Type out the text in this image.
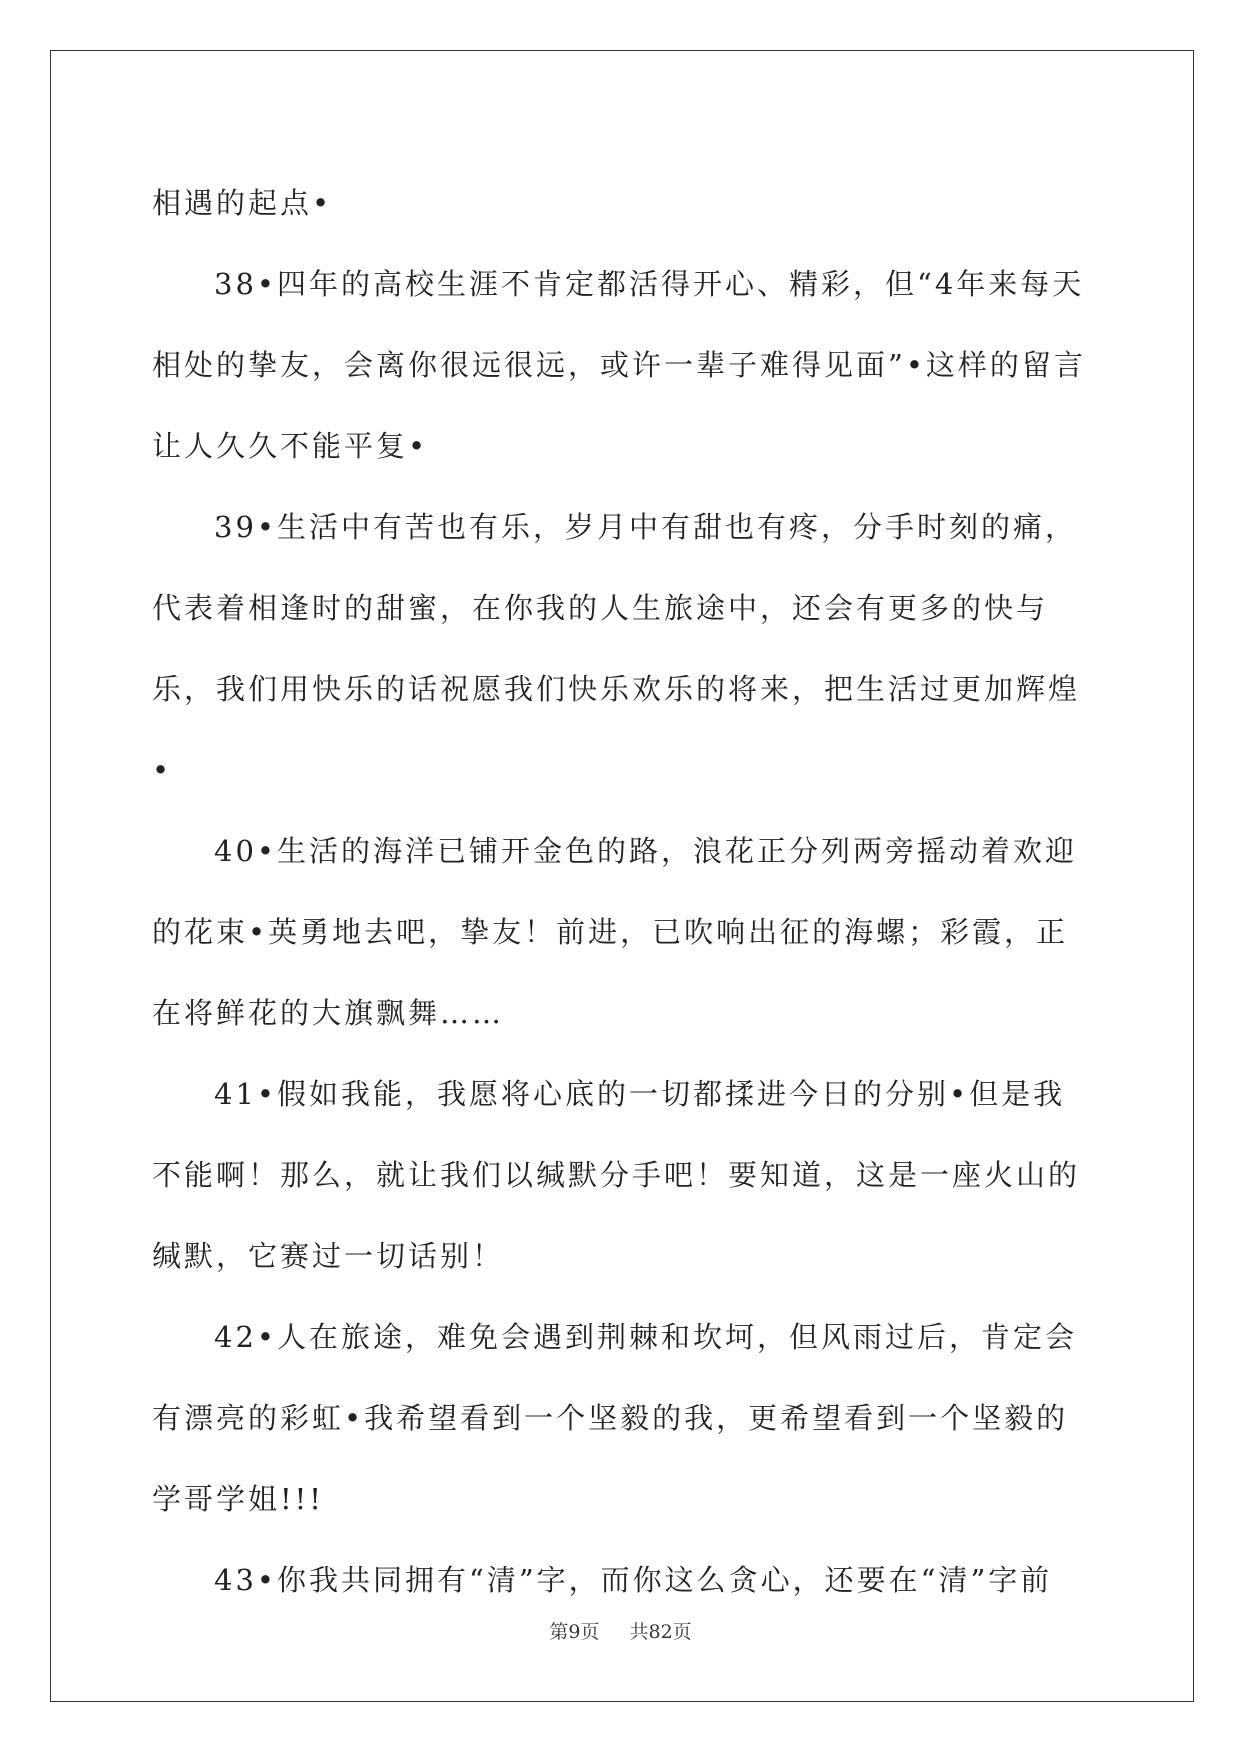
相遇的起点•

38•四年的高校生涯不肯定都活得开心、精彩，但“4年来每天相处的挚友，会离你很远很远，或许一辈子难得见面”•这样的留言让人久久不能平复•

39•生活中有苦也有乐，岁月中有甜也有疼，分手时刻的痛，代表着相逢时的甜蜜，在你我的人生旅途中，还会有更多的快与乐，我们用快乐的话祝愿我们快乐欢乐的将来，把生活过更加辉煌•

40•生活的海洋已铺开金色的路，浪花正分列两旁摇动着欢迎的花束•英勇地去吧，挚友！前进，已吹响出征的海螺；彩霞，正在将鲜花的大旗飘舞……

41•假如我能，我愿将心底的一切都揉进今日的分别•但是我不能啊！那么，就让我们以缄默分手吧！要知道，这是一座火山的缄默，它赛过一切话别！

42•人在旅途，难免会遇到荆棘和坎坷，但风雨过后，肯定会有漂亮的彩虹•我希望看到一个坚毅的我，更希望看到一个坚毅的学哥学姐!!!

43•你我共同拥有“清”字，而你这么贪心，还要在“清”字前

第9页 共82页
